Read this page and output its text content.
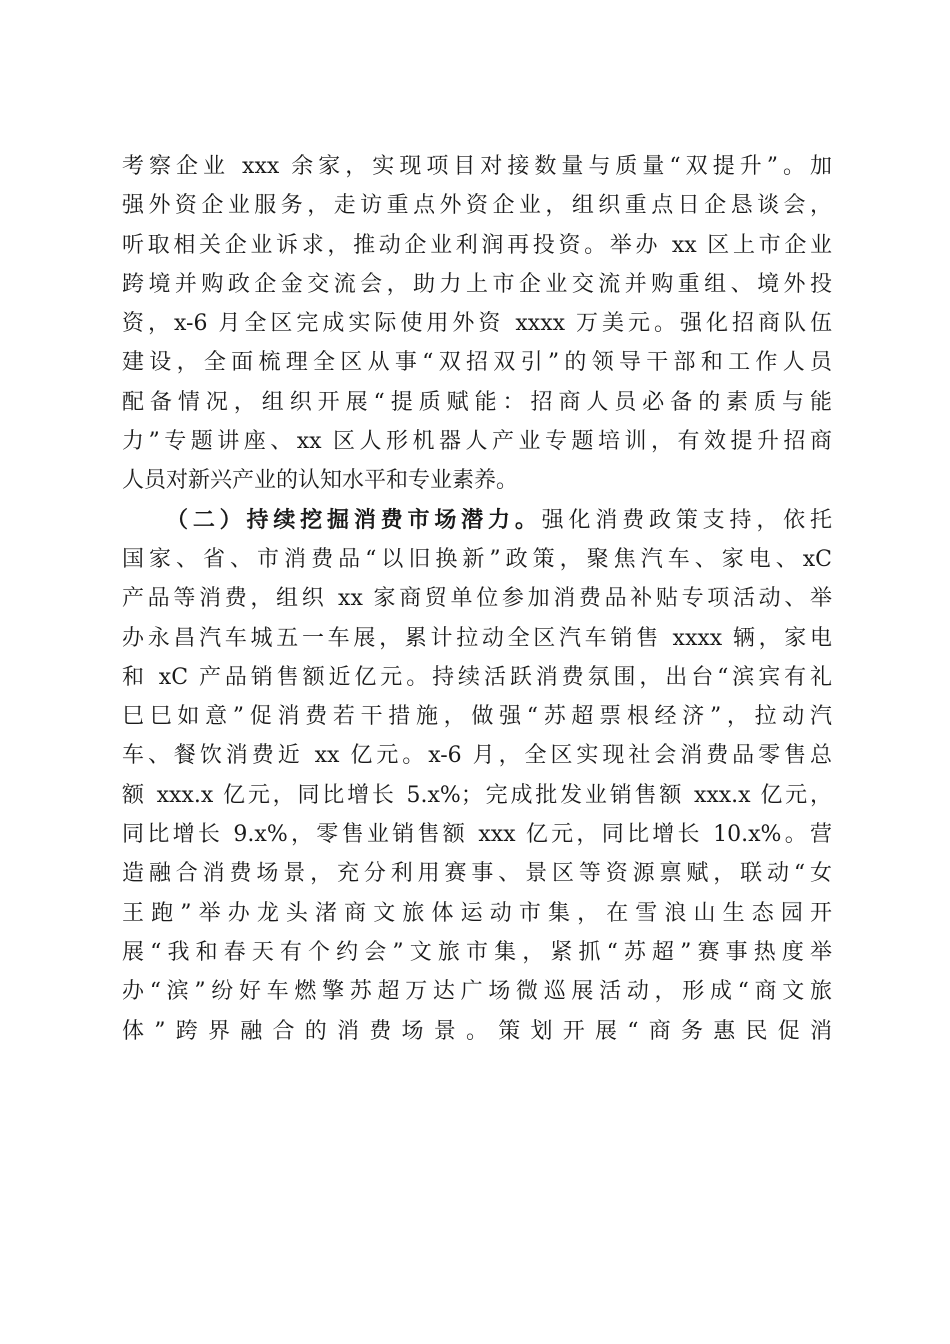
考察企业 xxx 余家，实现项目对接数量与质量“双提升”。加
强外资企业服务，走访重点外资企业，组织重点日企恳谈会，
听取相关企业诉求，推动企业利润再投资。举办 xx 区上市企业
跨境并购政企金交流会，助力上市企业交流并购重组、境外投
资，x-6 月全区完成实际使用外资 xxxx 万美元。强化招商队伍
建设，全面梳理全区从事“双招双引”的领导干部和工作人员
配备情况，组织开展“提质赋能：招商人员必备的素质与能
力”专题讲座、xx 区人形机器人产业专题培训，有效提升招商
人员对新兴产业的认知水平和专业素养。
（二）持续挖掘消费市场潜力。强化消费政策支持，依托
国家、省、市消费品“以旧换新”政策，聚焦汽车、家电、xC
产品等消费，组织 xx 家商贸单位参加消费品补贴专项活动、举
办永昌汽车城五一车展，累计拉动全区汽车销售 xxxx 辆，家电
和 xC 产品销售额近亿元。持续活跃消费氛围，出台“滨宾有礼
巳巳如意”促消费若干措施，做强“苏超票根经济”，拉动汽
车、餐饮消费近 xx 亿元。x-6 月，全区实现社会消费品零售总
额 xxx.x 亿元，同比增长 5.x%；完成批发业销售额 xxx.x 亿元，
同比增长 9.x%，零售业销售额 xxx 亿元，同比增长 10.x%。营
造融合消费场景，充分利用赛事、景区等资源禀赋，联动“女
王跑”举办龙头渚商文旅体运动市集，在雪浪山生态园开
展“我和春天有个约会”文旅市集，紧抓“苏超”赛事热度举
办“滨”纷好车燃擎苏超万达广场微巡展活动，形成“商文旅
体”跨界融合的消费场景。策划开展“商务惠民促消
